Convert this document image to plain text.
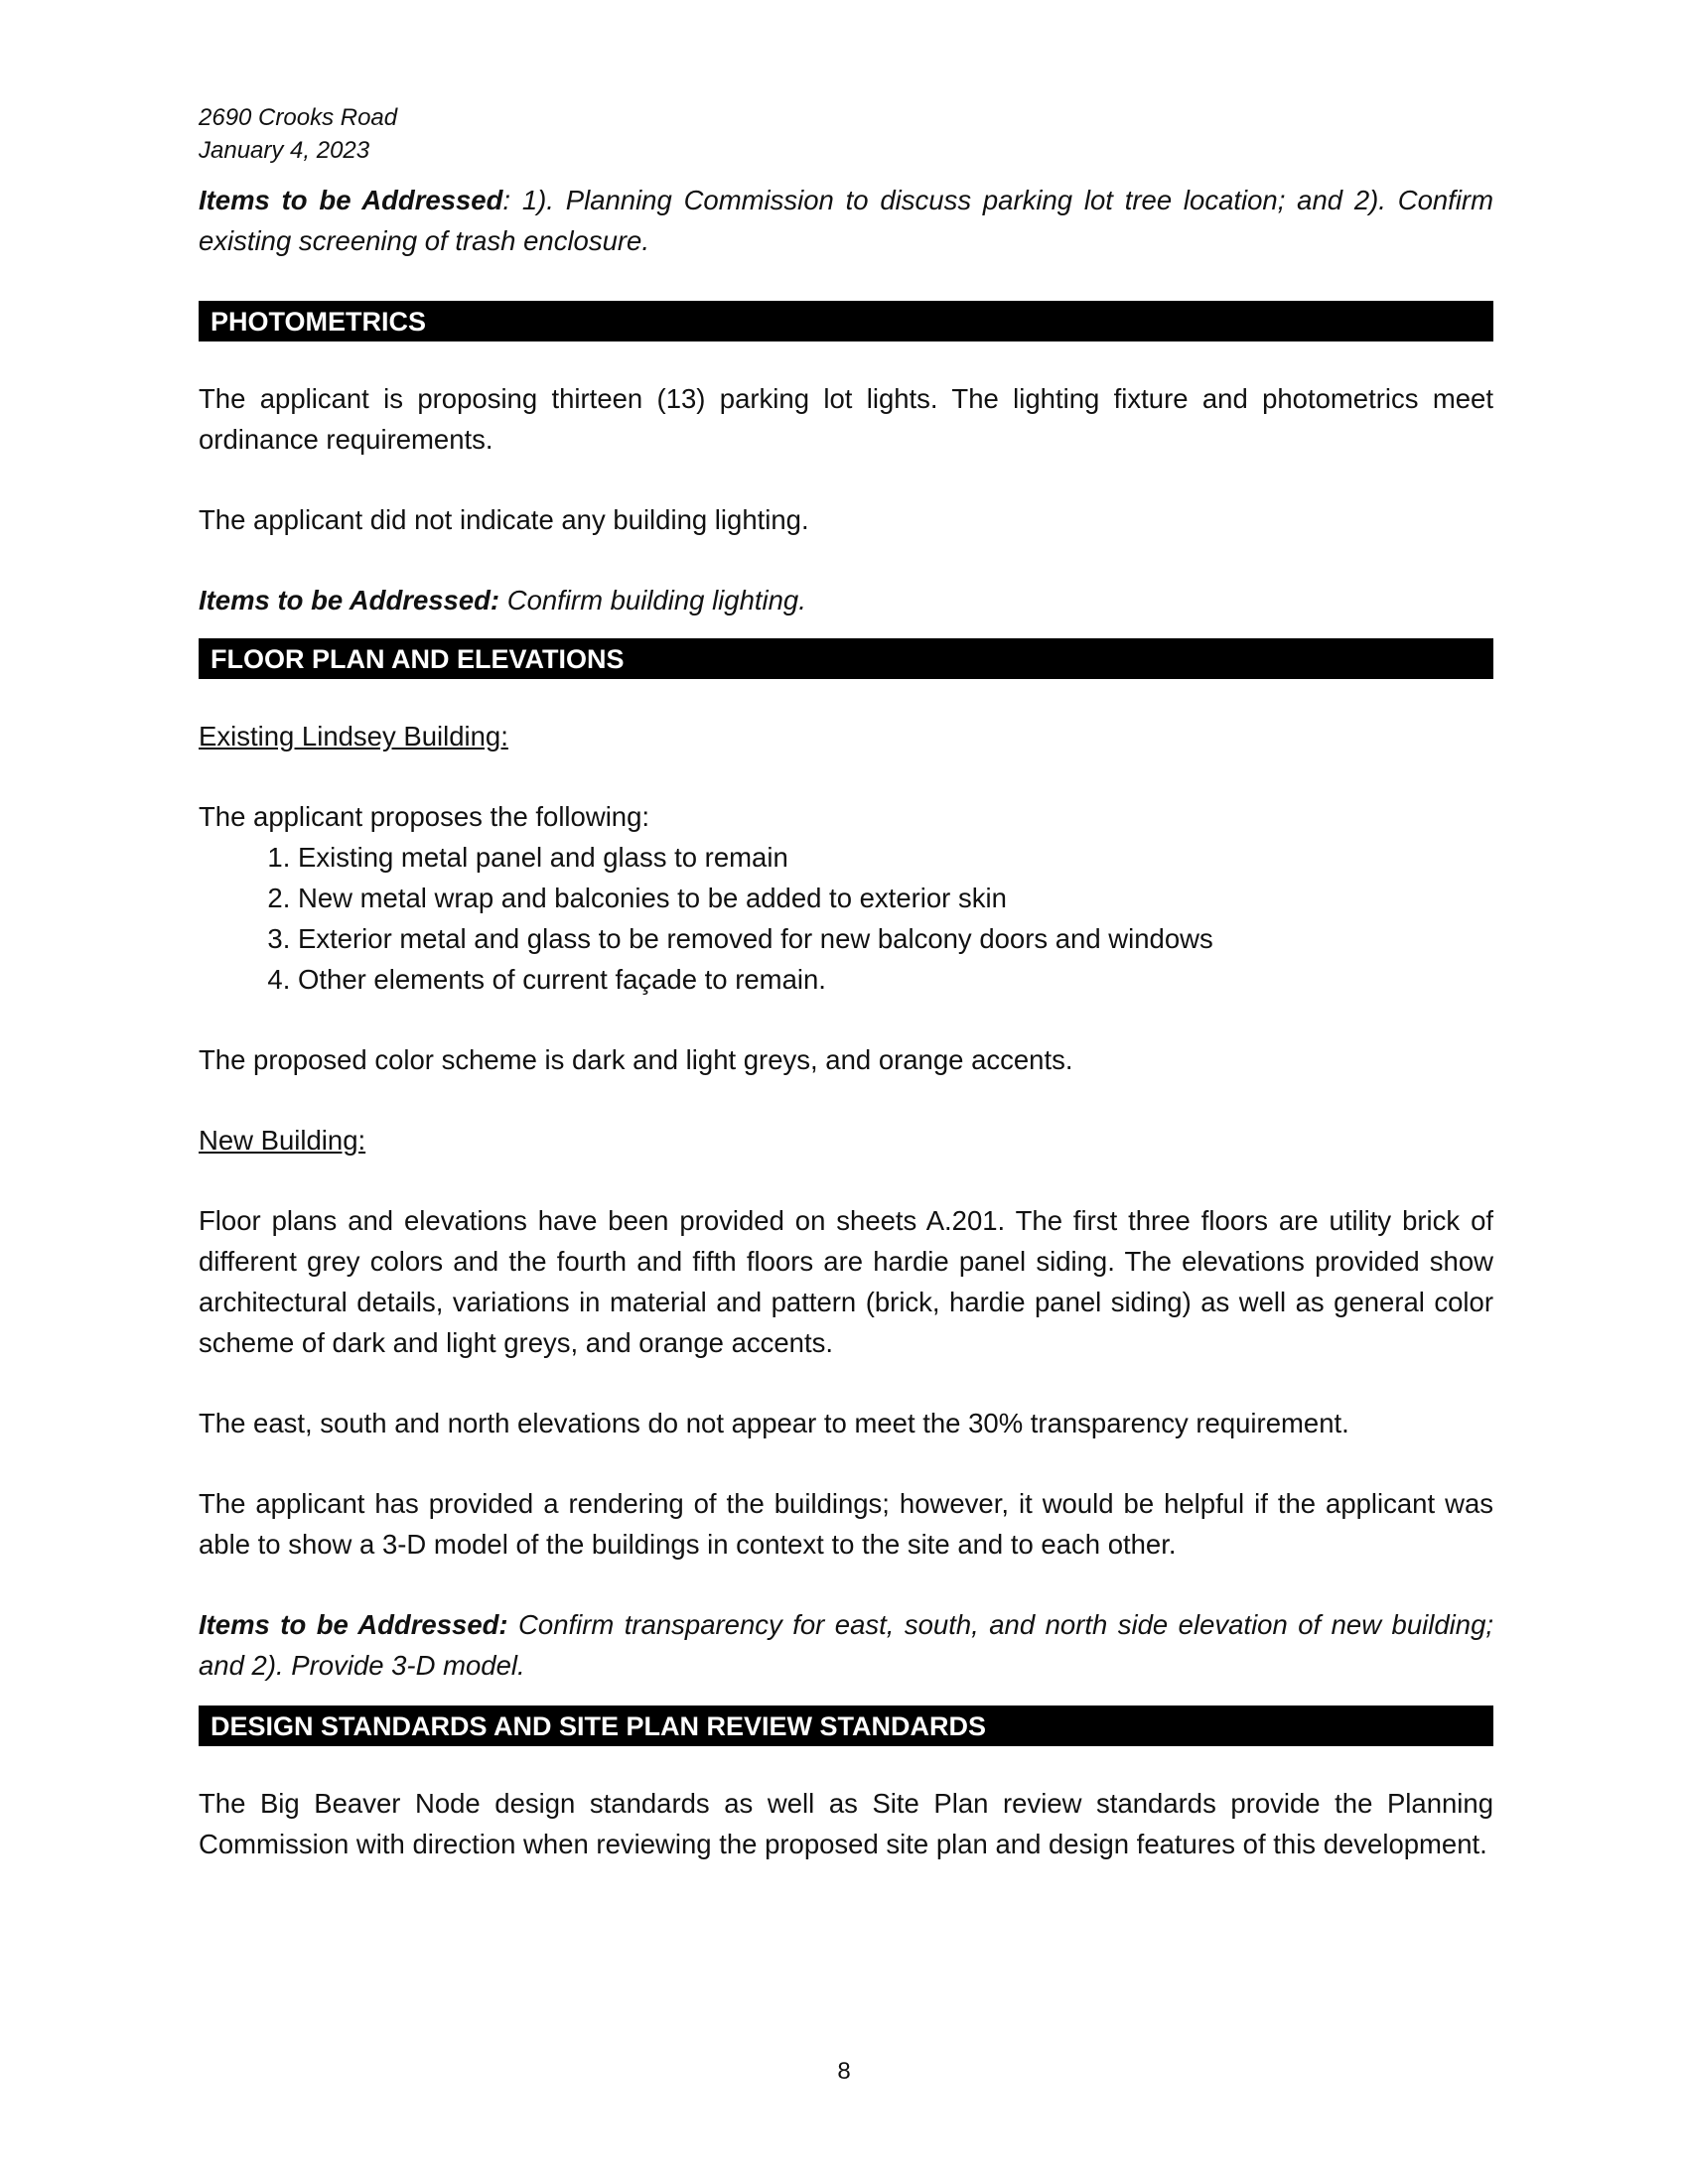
2690 Crooks Road
January 4, 2023

Items to be Addressed: 1). Planning Commission to discuss parking lot tree location; and 2). Confirm existing screening of trash enclosure.

PHOTOMETRICS

The applicant is proposing thirteen (13) parking lot lights. The lighting fixture and photometrics meet ordinance requirements.

The applicant did not indicate any building lighting.

Items to be Addressed: Confirm building lighting.

FLOOR PLAN AND ELEVATIONS

Existing Lindsey Building:

The applicant proposes the following:

1. Existing metal panel and glass to remain
2. New metal wrap and balconies to be added to exterior skin
3. Exterior metal and glass to be removed for new balcony doors and windows
4. Other elements of current façade to remain.

The proposed color scheme is dark and light greys, and orange accents.

New Building:

Floor plans and elevations have been provided on sheets A.201. The first three floors are utility brick of different grey colors and the fourth and fifth floors are hardie panel siding. The elevations provided show architectural details, variations in material and pattern (brick, hardie panel siding) as well as general color scheme of dark and light greys, and orange accents.

The east, south and north elevations do not appear to meet the 30% transparency requirement.

The applicant has provided a rendering of the buildings; however, it would be helpful if the applicant was able to show a 3-D model of the buildings in context to the site and to each other.

Items to be Addressed: Confirm transparency for east, south, and north side elevation of new building; and 2). Provide 3-D model.

DESIGN STANDARDS AND SITE PLAN REVIEW STANDARDS

The Big Beaver Node design standards as well as Site Plan review standards provide the Planning Commission with direction when reviewing the proposed site plan and design features of this development.

8
